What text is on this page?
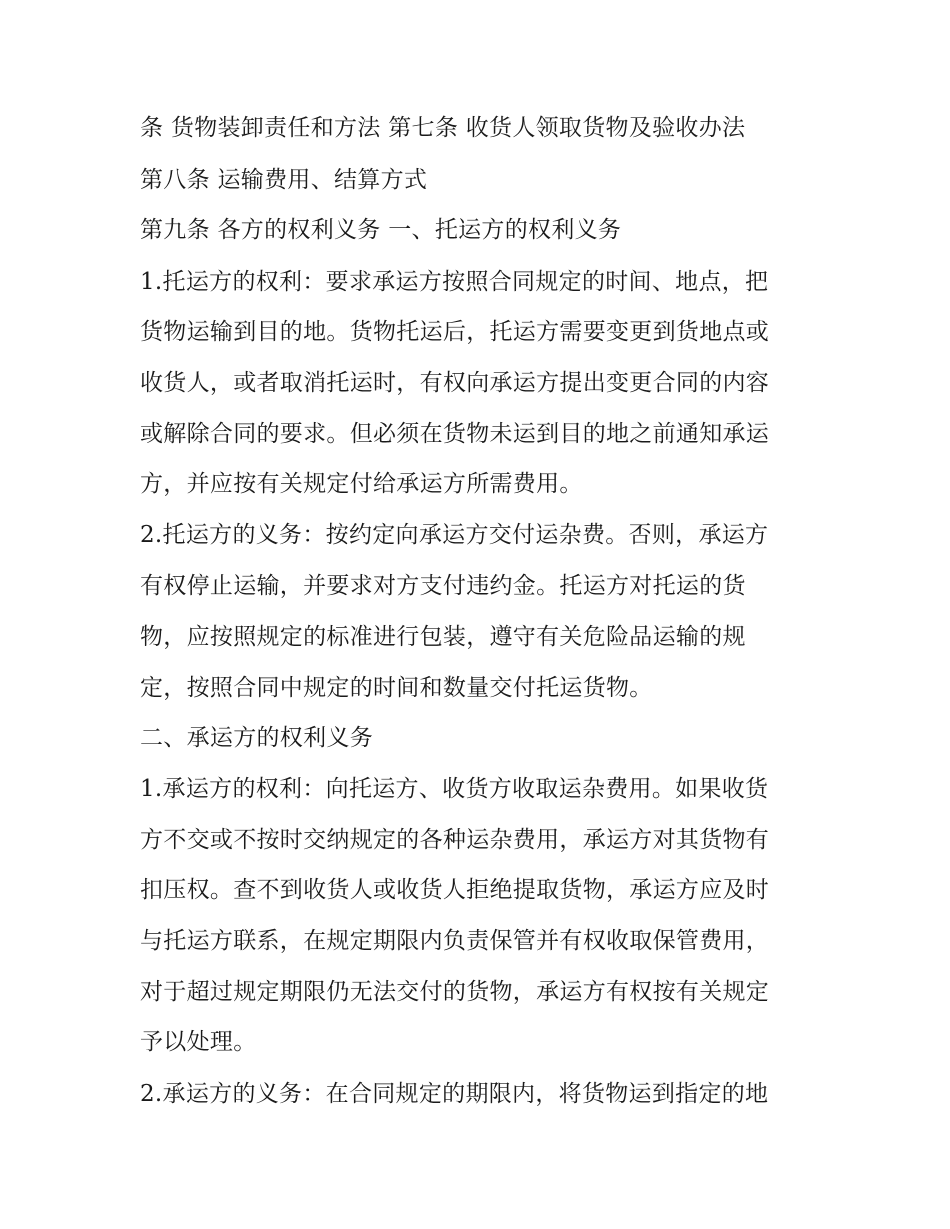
条 货物装卸责任和方法 第七条 收货人领取货物及验收办法
第八条 运输费用、结算方式
第九条 各方的权利义务 一、托运方的权利义务
1.托运方的权利：要求承运方按照合同规定的时间、地点，把
货物运输到目的地。货物托运后，托运方需要变更到货地点或
收货人，或者取消托运时，有权向承运方提出变更合同的内容
或解除合同的要求。但必须在货物未运到目的地之前通知承运
方，并应按有关规定付给承运方所需费用。
2.托运方的义务：按约定向承运方交付运杂费。否则，承运方
有权停止运输，并要求对方支付违约金。托运方对托运的货
物，应按照规定的标准进行包装，遵守有关危险品运输的规
定，按照合同中规定的时间和数量交付托运货物。
二、承运方的权利义务
1.承运方的权利：向托运方、收货方收取运杂费用。如果收货
方不交或不按时交纳规定的各种运杂费用，承运方对其货物有
扣压权。查不到收货人或收货人拒绝提取货物，承运方应及时
与托运方联系，在规定期限内负责保管并有权收取保管费用，
对于超过规定期限仍无法交付的货物，承运方有权按有关规定
予以处理。
2.承运方的义务：在合同规定的期限内，将货物运到指定的地
